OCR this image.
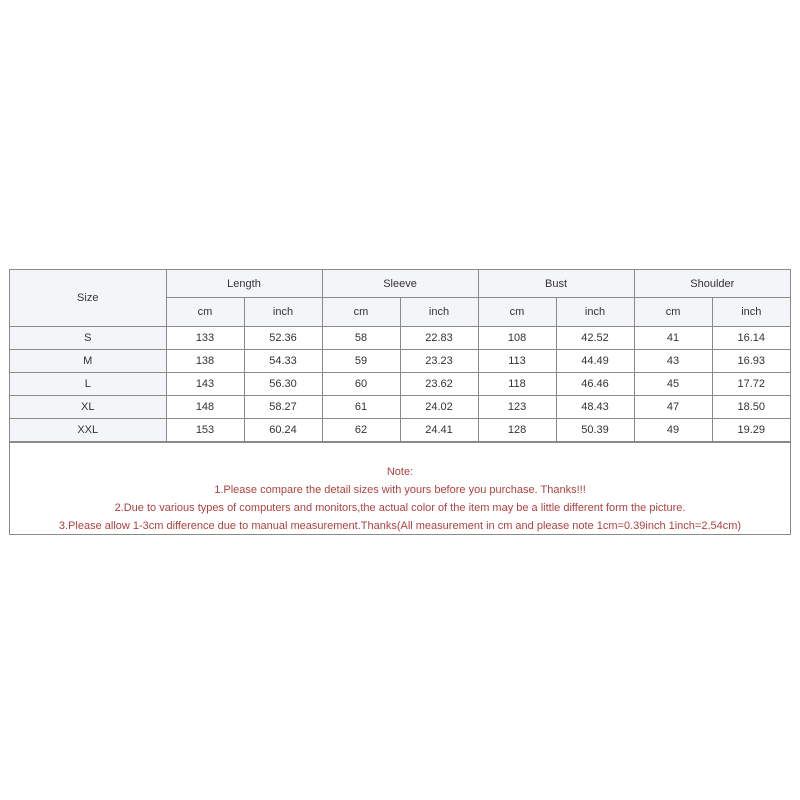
Size	Length		Sleeve		Bust		Shoulder	
	cm	inch	cm	inch	cm	inch	cm	inch
S	133	52.36	58	22.83	108	42.52	41	16.14
M	138	54.33	59	23.23	113	44.49	43	16.93
L	143	56.30	60	23.62	118	46.46	45	17.72
XL	148	58.27	61	24.02	123	48.43	47	18.50
XXL	153	60.24	62	24.41	128	50.39	49	19.29
Note:
1.Please compare the detail sizes with yours before you purchase. Thanks!!!
2.Due to various types of computers and monitors,the actual color of the item may be a little different form the picture.
3.Please allow 1-3cm difference due to manual measurement.Thanks(All measurement in cm and please note 1cm=0.39inch 1inch=2.54cm)
